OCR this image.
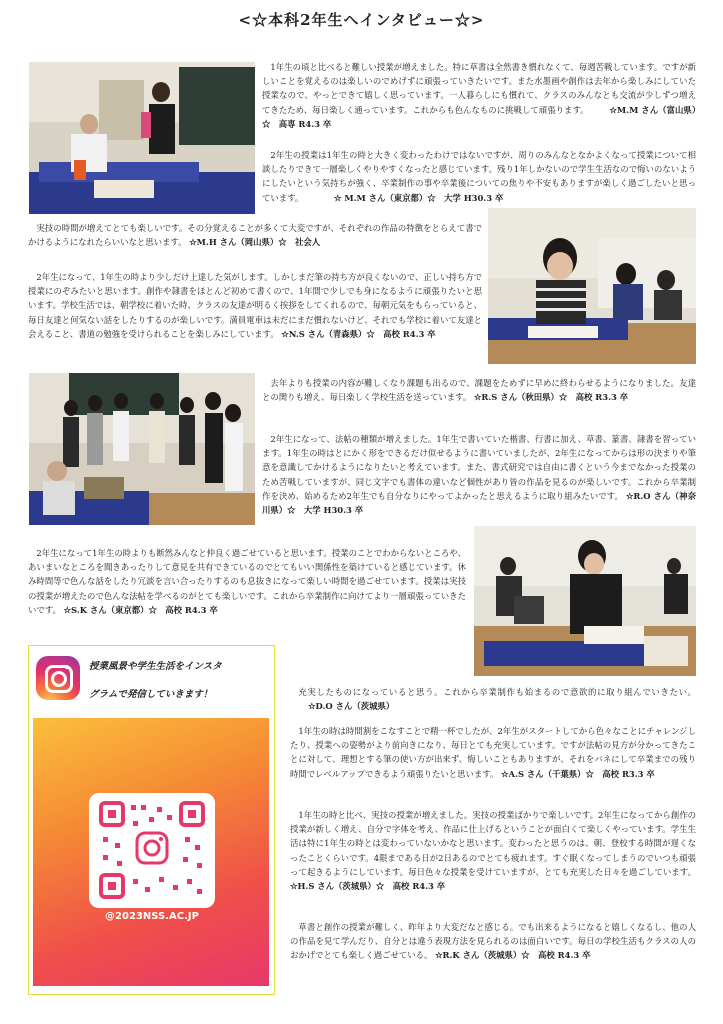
<☆本科2年生へインタビュー☆>

1年生の頃と比べると難しい授業が増えました。特に草書は全然書き慣れなくて、毎週苦戦しています。ですが新しいことを覚えるのは楽しいのでめげずに頑張っていきたいです。また水墨画や創作は去年から楽しみにしていた授業なので、やっとできて嬉しく思っています。一人暮らしにも慣れて、クラスのみんなとも交流が少しずつ増えてきたため、毎日楽しく通っています。これからも色んなものに挑戦して頑張ります。 ☆M.M さん（富山県）☆　高専 R4.3 卒

2年生の授業は1年生の時と大きく変わったわけではないですが、周りのみんなとなかよくなって授業について相談したりできて一層楽しくやりやすくなったと感じています。残り1年しかないので学生生活なので悔いのないようにしたいという気持ちが強く、卒業制作の事や卒業後についての焦りや不安もありますが楽しく過ごしたいと思っています。	☆ M.M さん（東京都）☆　大学 H30.3 卒

実技の時間が増えてとても楽しいです。その分覚えることが多くて大変ですが、それぞれの作品の特徴をとらえて書でかけるようになれたらいいなと思います。 ☆M.H さん（岡山県）☆　社会人

2年生になって、1年生の時より少しだけ上達した気がします。しかしまだ筆の持ち方が良くないので、正しい持ち方で授業にのぞみたいと思います。創作や隷書をほとんど初めて書くので、1年間で少しでも身になるように頑張りたいと思います。学校生活では、朝学校に着いた時、クラスの友達が明るく挨拶をしてくれるので、毎朝元気をもらっていると、毎日友達と何気ない話をしたりするのが楽しいです。満員電車は未だにまだ慣れないけど、それでも学校に着いて友達と会えること、書道の勉強を受けられることを楽しみにしています。 ☆N.S さん（青森県）☆　高校 R4.3 卒

去年よりも授業の内容が難しくなり課題も出るので、課題をためずに早めに終わらせるようになりました。友達との関りも増え、毎日楽しく学校生活を送っています。 ☆R.S さん（秋田県）☆　高校 R3.3 卒

2年生になって、法帖の種類が増えました。1年生で書いていた楷書、行書に加え、草書、篆書、隷書を習っています。1年生の時はとにかく形をできるだけ似せるように書いていましたが、2年生になってからは形の決まりや筆意を意識してかけるようになりたいと考えています。また、書式研究では自由に書くという今までなかった授業のため苦戦していますが、同じ文字でも書体の違いなど個性があり皆の作品を見るのが楽しいです。これから卒業制作を決め、始めるため2年生でも自分なりにやってよかったと思えるように取り組みたいです。 ☆R.O さん（神奈川県）☆　大学 H30.3 卒

2年生になって1年生の時よりも断然みんなと仲良く過ごせていると思います。授業のことでわからないところや、あいまいなところを聞きあったりして意見を共有できているのでとてもいい関係性を築けていると感じています。休み時間等で色んな話をしたり冗談を言い合ったりするのも息抜きになって楽しい時間を過ごせています。授業は実技の授業が増えたので色んな法帖を学べるのがとても楽しいです。これから卒業制作に向けてより一層頑張っていきたいです。 ☆S.K さん（東京都）☆　高校 R4.3 卒

授業風景や学生生活をインスタ
グラムで発信していきます！
@2023NSS.AC.JP

充実したものになっていると思う。これから卒業制作も始まるので意欲的に取り組んでいきたい。 ☆D.O さん（茨城県）

1年生の時は時間割をこなすことで精一杯でしたが、2年生がスタートしてから色々なことにチャレンジしたり、授業への姿勢がより前向きになり、毎日とても充実しています。ですが法帖の見方が分かってきたことに対して、理想とする筆の使い方が出来ず、悔しいこともありますが、それをバネにして卒業までの残り時間でレベルアップできるよう頑張りたいと思います。 ☆A.S さん（千葉県）☆　高校 R3.3 卒

1年生の時と比べ、実技の授業が増えました。実技の授業ばかりで楽しいです。2年生になってから創作の授業が新しく増え、自分で字体を考え、作品に仕上げるということが面白くて楽しくやっています。学生生活は特に1年生の時とは変わっていないかなと思います。変わったと思うのは、朝、登校する時間が遅くなったことくらいです。4限まである日が2日あるのでとても疲れます。すぐ眠くなってしまうのでいつも頑張って起きるようにしています。毎日色々な授業を受けていますが、とても充実した日々を過ごしています。 ☆H.S さん（茨城県）☆　高校 R4.3 卒

草書と創作の授業が難しく、昨年より大変だなと感じる。でも出来るようになると嬉しくなるし、他の人の作品を見て学んだり、自分とは違う表現方法を見られるのは面白いです。毎日の学校生活もクラスの人のおかげでとても楽しく過ごせている。 ☆R.K さん（茨城県）☆　高校 R4.3 卒
